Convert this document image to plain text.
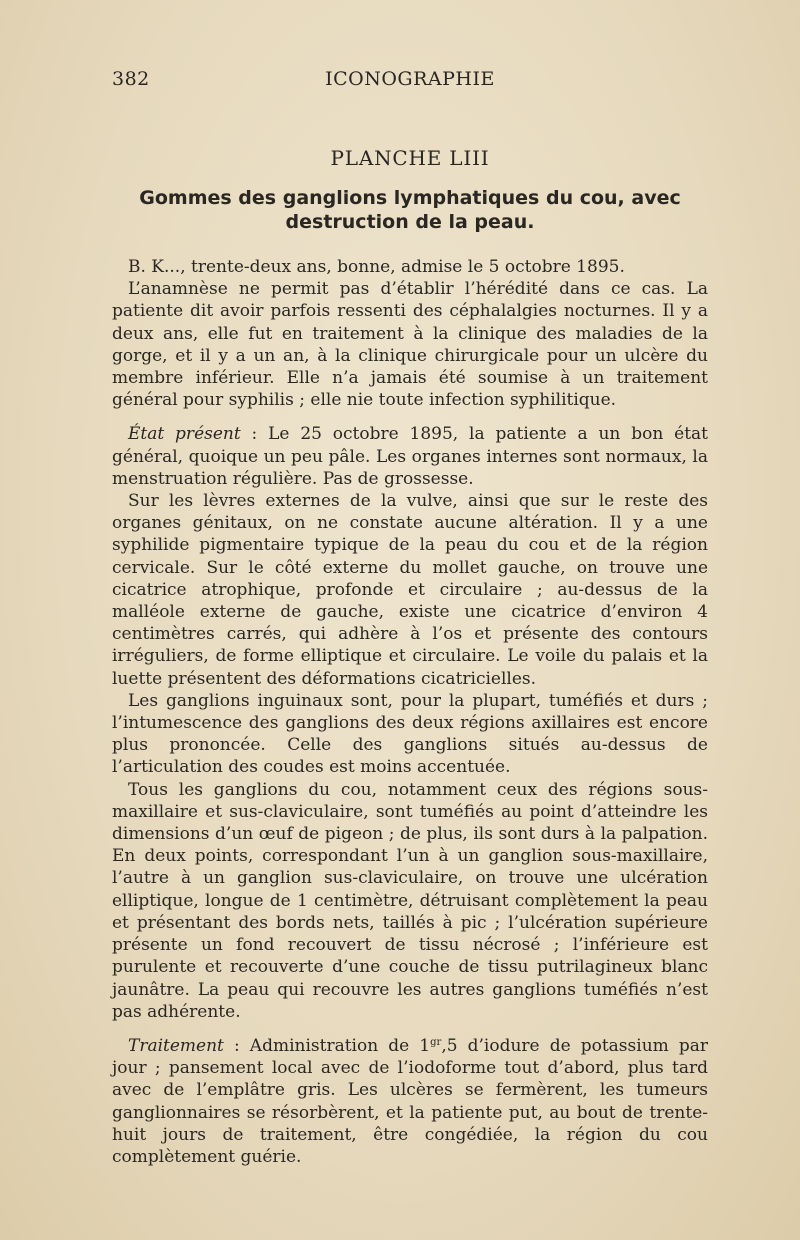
382	ICONOGRAPHIE
PLANCHE LIII
Gommes des ganglions lymphatiques du cou, avec destruction de la peau.

B. K..., trente-deux ans, bonne, admise le 5 octobre 1895.

L’anamnèse ne permit pas d’établir l’hérédité dans ce cas. La patiente dit avoir parfois ressenti des céphalalgies nocturnes. Il y a deux ans, elle fut en traitement à la clinique des maladies de la gorge, et il y a un an, à la clinique chirurgicale pour un ulcère du membre inférieur. Elle n’a jamais été soumise à un traitement général pour syphilis ; elle nie toute infection syphilitique.

État présent : Le 25 octobre 1895, la patiente a un bon état général, quoique un peu pâle. Les organes internes sont normaux, la menstruation régulière. Pas de grossesse.

Sur les lèvres externes de la vulve, ainsi que sur le reste des organes génitaux, on ne constate aucune altération. Il y a une syphilide pigmentaire typique de la peau du cou et de la région cervicale. Sur le côté externe du mollet gauche, on trouve une cicatrice atrophique, profonde et circulaire ; au-dessus de la malléole externe de gauche, existe une cicatrice d’environ 4 centimètres carrés, qui adhère à l’os et présente des contours irréguliers, de forme elliptique et circulaire. Le voile du palais et la luette présentent des déformations cicatricielles.

Les ganglions inguinaux sont, pour la plupart, tuméfiés et durs ; l’intumescence des ganglions des deux régions axillaires est encore plus prononcée. Celle des ganglions situés au-dessus de l’articulation des coudes est moins accentuée.

Tous les ganglions du cou, notamment ceux des régions sous-maxillaire et sus-claviculaire, sont tuméfiés au point d’atteindre les dimensions d’un œuf de pigeon ; de plus, ils sont durs à la palpation. En deux points, correspondant l’un à un ganglion sous-maxillaire, l’autre à un ganglion sus-claviculaire, on trouve une ulcération elliptique, longue de 1 centimètre, détruisant complètement la peau et présentant des bords nets, taillés à pic ; l’ulcération supérieure présente un fond recouvert de tissu nécrosé ; l’inférieure est purulente et recouverte d’une couche de tissu putrilagineux blanc jaunâtre. La peau qui recouvre les autres ganglions tuméfiés n’est pas adhérente.

Traitement : Administration de $1^{gr},5$ d’iodure de potassium par jour ; pansement local avec de l’iodoforme tout d’abord, plus tard avec de l’emplâtre gris. Les ulcères se fermèrent, les tumeurs ganglionnaires se résorbèrent, et la patiente put, au bout de trente-huit jours de traitement, être congédiée, la région du cou complètement guérie.
